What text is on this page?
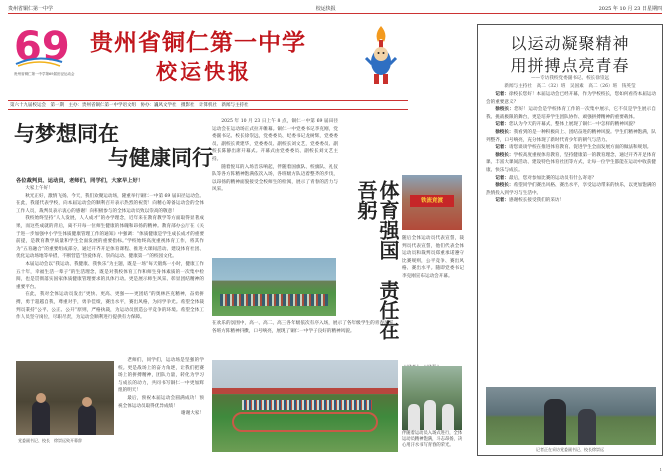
贵州省铜仁第一中学	校运快报	2025 年 10 月 23 日星期四
69
贵州省铜仁第一中学第69届田径运动会
贵州省铜仁第一中学
校运快报
第六十九届校运会　第一期　主办：贵州省铜仁第一中学语文组　协办：巍风文学社　摄影社　计算机社　新闻与主持社
与梦想同在
与健康同行
各位裁判员、运动员，老师们，同学们，大家早上好！

大家上午好！

秋光正好，激情飞扬。今天，我们欢聚运动场，隆重举行铜仁一中第 69 届田径运动会。在此，我谨代表学校，向本届运动会的顺利召开表示热烈的祝贺！向精心筹备运动会的全体工作人员，裁判员表示衷心的感谢！向积极参与的全体运动员致以崇高的敬意！

我校始终坚持“人人发展，人人成才”的办学理念，近年来在教育教学等方面取得显著成果，而这些成就的背后，离不开每一位师生健康的体魄和昂扬的精神。教育部办公厅在《关于进一步加强中小学生体质健康管理工作的通知》中强调：“体质健康是学生成长成才的重要前提，是教育教学质量和学生全面发展的重要指标。”学校始终高度重视体育工作，将其作为“五育融合”的重要组成部分，通过开齐开足体育课程、推进大课间活动、建设体育社团、优化运动场地等举措，不断营造“热爱体育、崇尚运动、健康第一”的校园文化。

本届运动会以“我运动、我健康、我快乐”为主题，既是一场“每天锻炼一小时，健康工作五十年，幸福生活一辈子”的生活理念，既是对我校体育工作和师生身体素质的一次集中检阅，也是贯彻落实国家体质健康管理要求的具体行动。更是展示师生风采、彰显团结精神的重要平台。

在此，我对全体运动员发出“更快、更高、更强——更团结”的奥林匹克精神，奋勇拼搏，勇于超越自我，尊重对手，勇争佳绩，赛出水平，赛出风格，为同学争光。希望全体裁判员秉持“公平、公正、公开”原则，严格执裁，为运动员创造公平竞争的环境。希望全体工作人员坚守岗位，尽职尽责，为运动会顺利进行提供有力保障。

党委副书记、校长　徐崇远致开幕辞

老师们，同学们，运动场是坚强的学校。更是战场上的奋力角逐，让我们把赛场上的拼搏精神，团队力量，转化为学习与成长的动力，共同书写铜仁一中更加辉煌的明天！

最后，预祝本届运动会圆满成功！预祝全体运动员取得优异成绩！

谢谢大家！

2025 年 10 月 23 日上午 8 点，铜仁一中第 69 届田径运动会在运动场正式拉开帷幕。铜仁一中党委书记李克刚，党委副书记、校长徐崇远，党委委员、纪委书记龙树辉，党委委员、副校长黄建华，党委委员、副校长刘文艺，党委委员、副校长陈静出席开幕式。开幕式由党委委员、副校长刘文艺主持。

随着悦耳的入场音乐响起，伴随着国旗队、校旗队、礼仪队等各方阵精神饱满依次入场，各班级方队迈着整齐的步伐，以昂扬的精神面貌接受全校师生的检阅，展示了青春的活力与风采。	体育强国　责任在吾躬	铁流竞渡
随后全体运动员代表宣誓，裁判员代表宣誓，他们代表全体运动员和裁判员郑重承诺遵守比赛规则，公平竞争、赛出风格、赛出水平。随即党委书记李克刚宣布运动会开幕。
在欢乐的氛围中，高一、高二、高三各年级依次有序入场，展示了各年级学生的青春风采。各班方阵精神抖擞，口号响亮，展现了铜仁一中学子良好的精神风貌。
伴随着运动员入场式进行，全体运动员精神饱满，斗志昂扬，决心用汗水书写青春的荣光。
以运动凝聚精神
用拼搏点亮青春
——专访我校党委副书记、校长徐崇远
新闻与主持社　高二（32）班　吴国素　高二（26）班　钱英莹

记者：徐校长您好！本届运动会已经开幕，作为学校校长，您如何看待本届运动会的重要意义？

徐校长：您好！运动会是学校体育工作的一次集中展示，它不仅是学生展示自我、挑战极限的舞台，更是培养学生团队协作、顽强拼搏精神的重要载体。

记者：您认为今天的开幕式，整体上展现了铜仁一中怎样的精神风貌？

徐校长：我看到的是一种积极向上、团结奋进的精神风貌。学生们精神饱满，队列整齐，口号响亮，充分体现了新时代青少年的朝气与活力。

记者：请您谈谈学校在推进体育教育、促进学生全面发展方面的做法和规划。

徐校长：学校高度重视体育教育，坚持健康第一的教育理念，通过开齐开足体育课、丰富大课间活动、建设特色体育社团等方式，让每一位学生都能在运动中收获健康、快乐与成长。

记者：最后，您对参加比赛的运动员有什么寄语？

徐校长：希望同学们赛出风格、赛出水平，享受运动带来的快乐，以更加饱满的热情投入到学习与生活中。

记者：感谢校长接受我们的采访！

记者正在采访党委副书记、校长徐崇远
1
